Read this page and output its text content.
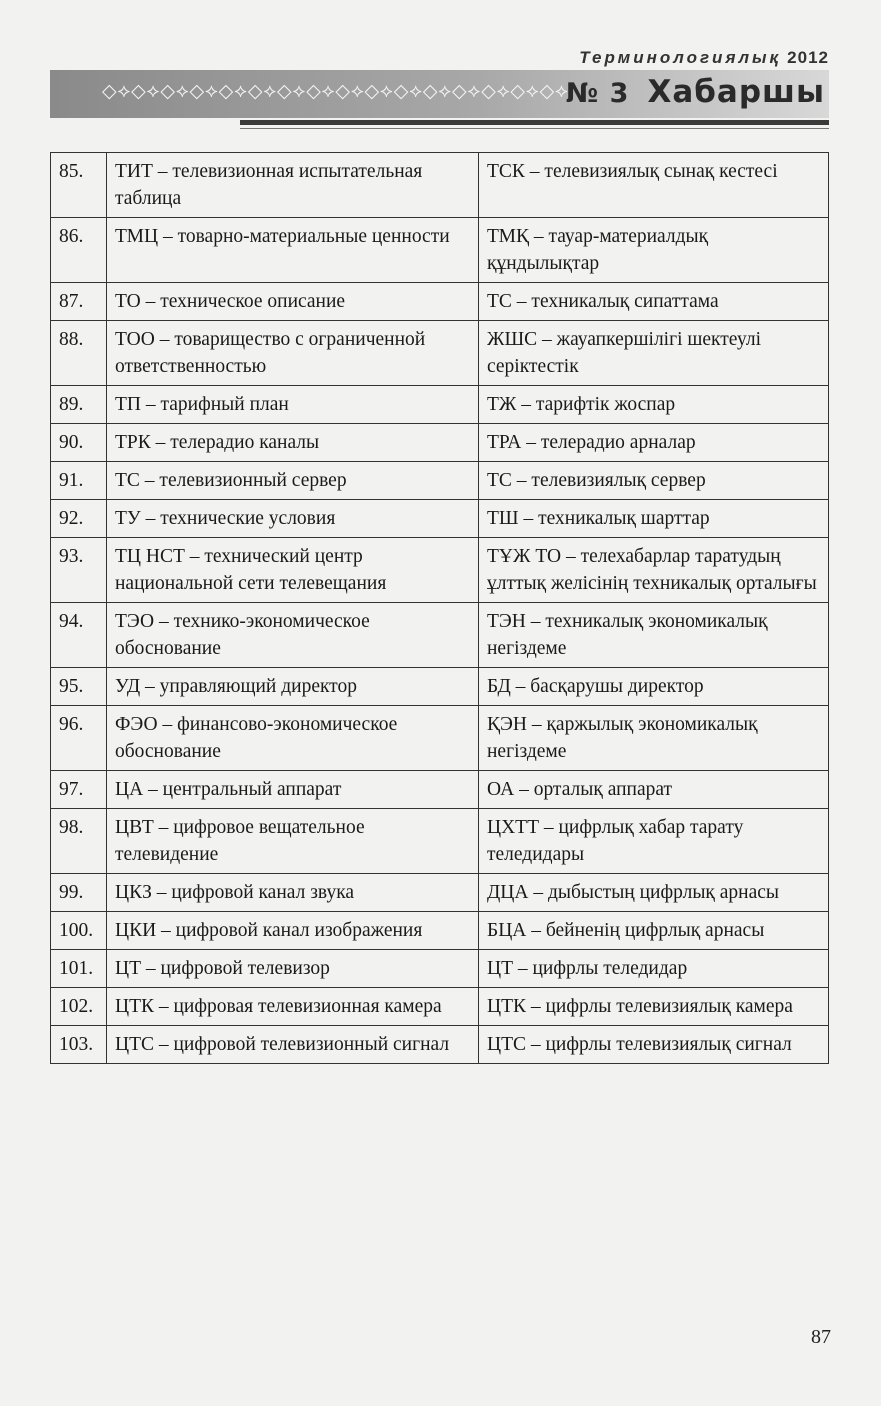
Терминологиялық 2012
◇⟡◇⟡◇⟡◇⟡◇⟡◇⟡◇⟡◇⟡◇⟡◇⟡◇⟡◇⟡◇⟡◇⟡◇⟡◇⟡
№ 3 Хабаршы
85.	ТИТ – телевизионная испытательная таблица	ТСК – телевизиялық сынақ кестесі
86.	ТМЦ – товарно-материальные ценности	ТМҚ – тауар-материалдық құндылықтар
87.	ТО – техническое описание	ТС – техникалық сипаттама
88.	ТОО – товарищество с ограниченной ответственностью	ЖШС – жауапкершілігі шектеулі серіктестік
89.	ТП – тарифный план	ТЖ – тарифтік жоспар
90.	ТРК – телерадио каналы	ТРА – телерадио арналар
91.	ТС – телевизионный сервер	ТС – телевизиялық сервер
92.	ТУ – технические условия	ТШ – техникалық шарттар
93.	ТЦ НСТ – технический центр национальной сети телевещания	ТҰЖ ТО – телехабарлар таратудың ұлттық желісінің техникалық орталығы
94.	ТЭО – технико-экономическое обоснование	ТЭН – техникалық экономикалық негіздеме
95.	УД – управляющий директор	БД – басқарушы директор
96.	ФЭО – финансово-экономическое обоснование	ҚЭН – қаржылық экономикалық негіздеме
97.	ЦА – центральный аппарат	ОА – орталық аппарат
98.	ЦВТ – цифровое вещательное телевидение	ЦХТТ – цифрлық хабар тарату теледидары
99.	ЦКЗ – цифровой канал звука	ДЦА – дыбыстың цифрлық арнасы
100.	ЦКИ – цифровой канал изображения	БЦА – бейненің цифрлық арнасы
101.	ЦТ – цифровой телевизор	ЦТ – цифрлы теледидар
102.	ЦТК – цифровая телевизионная камера	ЦТК – цифрлы телевизиялық камера
103.	ЦТС – цифровой телевизионный сигнал	ЦТС – цифрлы телевизиялық сигнал
87
